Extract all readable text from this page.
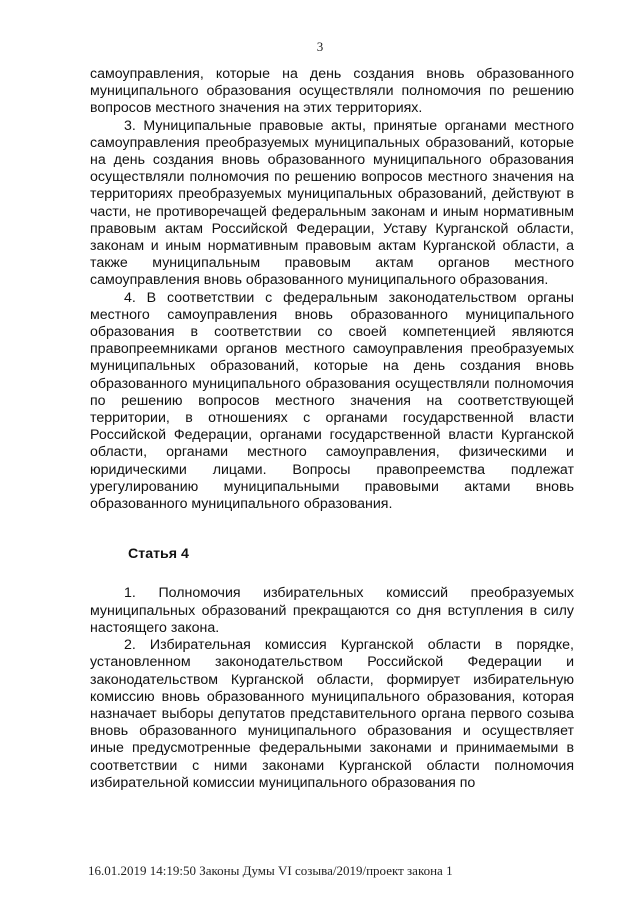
3

самоуправления, которые на день создания вновь образованного муниципального образования осуществляли полномочия по решению вопросов местного значения на этих территориях.

3. Муниципальные правовые акты, принятые органами местного самоуправления преобразуемых муниципальных образований, которые на день создания вновь образованного муниципального образования осуществляли полномочия по решению вопросов местного значения на территориях преобразуемых муниципальных образований, действуют в части, не противоречащей федеральным законам и иным нормативным правовым актам Российской Федерации, Уставу Курганской области, законам и иным нормативным правовым актам Курганской области, а также муниципальным правовым актам органов местного самоуправления вновь образованного муниципального образования.

4. В соответствии с федеральным законодательством органы местного самоуправления вновь образованного муниципального образования в соответствии со своей компетенцией являются правопреемниками органов местного самоуправления преобразуемых муниципальных образований, которые на день создания вновь образованного муниципального образования осуществляли полномочия по решению вопросов местного значения на соответствующей территории, в отношениях с органами государственной власти Российской Федерации, органами государственной власти Курганской области, органами местного самоуправления, физическими и юридическими лицами. Вопросы правопреемства подлежат урегулированию муниципальными правовыми актами вновь образованного муниципального образования.

Статья 4

1. Полномочия избирательных комиссий преобразуемых муниципальных образований прекращаются со дня вступления в силу настоящего закона.

2. Избирательная комиссия Курганской области в порядке, установленном законодательством Российской Федерации и законодательством Курганской области, формирует избирательную комиссию вновь образованного муниципального образования, которая назначает выборы депутатов представительного органа первого созыва вновь образованного муниципального образования и осуществляет иные предусмотренные федеральными законами и принимаемыми в соответствии с ними законами Курганской области полномочия избирательной комиссии муниципального образования по

16.01.2019 14:19:50 Законы Думы VI созыва/2019/проект закона 1
